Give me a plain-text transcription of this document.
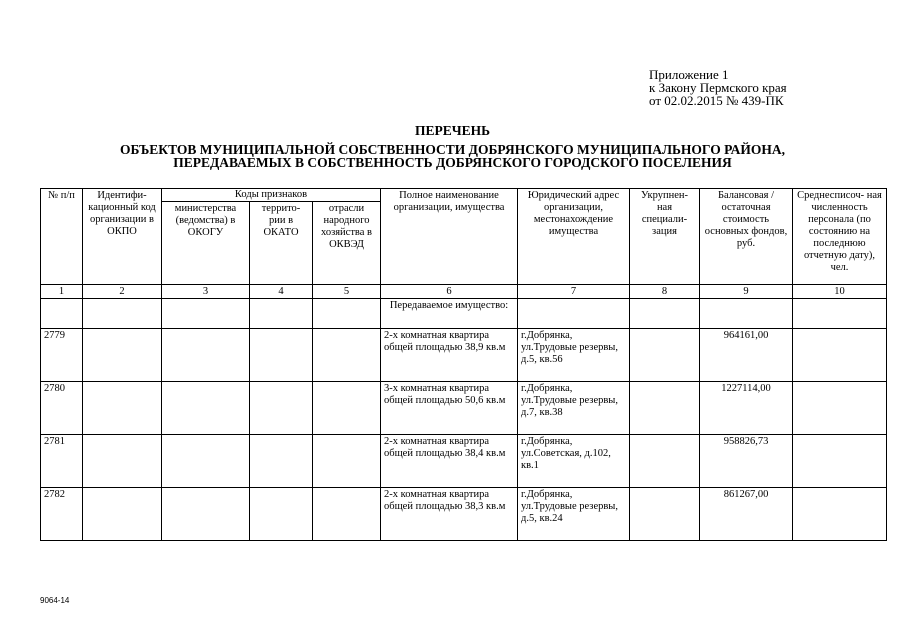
Приложение 1
к Закону Пермского края
от 02.02.2015 № 439-ПК
ПЕРЕЧЕНЬ
ОБЪЕКТОВ МУНИЦИПАЛЬНОЙ СОБСТВЕННОСТИ ДОБРЯНСКОГО МУНИЦИПАЛЬНОГО РАЙОНА,
ПЕРЕДАВАЕМЫХ В СОБСТВЕННОСТЬ ДОБРЯНСКОГО ГОРОДСКОГО ПОСЕЛЕНИЯ
№ п/п	Идентифи- кационный код организации в ОКПО	Коды признаков			Полное наименование организации, имущества	Юридический адрес организации, местонахождение имущества	Укрупнен- ная специали- зация	Балансовая / остаточная стоимость основных фондов, руб.	Среднесписоч- ная численность персонала (по состоянию на последнюю отчетную дату), чел.
		министерства (ведомства) в ОКОГУ	террито- рии в ОКАТО	отрасли народного хозяйства в ОКВЭД					
1	2	3	4	5	6	7	8	9	10
					Передаваемое имущество:				
2779					2-х комнатная квартира общей площадью 38,9 кв.м	г.Добрянка, ул.Трудовые резервы, д.5, кв.56		964161,00	
2780					3-х комнатная квартира общей площадью 50,6 кв.м	г.Добрянка, ул.Трудовые резервы, д.7, кв.38		1227114,00	
2781					2-х комнатная квартира общей площадью 38,4 кв.м	г.Добрянка, ул.Советская, д.102, кв.1		958826,73	
2782					2-х комнатная квартира общей площадью 38,3 кв.м	г.Добрянка, ул.Трудовые резервы, д.5, кв.24		861267,00	
9064-14
